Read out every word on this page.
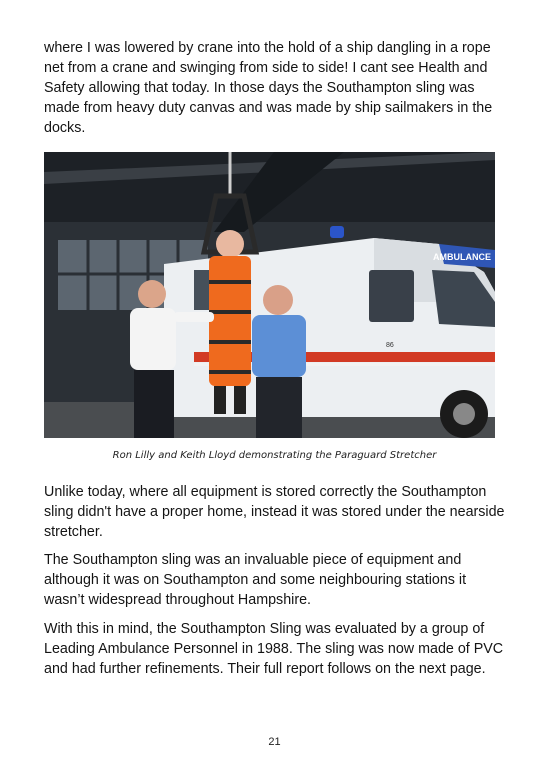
where I was lowered by crane into the hold of a ship dangling in a rope net from a crane and swinging from side to side! I cant see Health and Safety allowing that today. In those days the Southampton sling was made from heavy duty canvas and was made by ship sailmakers in the docks.

AMBULANCE
86

Ron Lilly and Keith Lloyd demonstrating the Paraguard Stretcher

Unlike today, where all equipment is stored correctly the Southampton sling didn't have a proper home, instead it was stored under the nearside stretcher.

The Southampton sling was an invaluable piece of equipment and although it was on Southampton and some neighbouring stations it wasn’t widespread throughout Hampshire.

With this in mind, the Southampton Sling was evaluated by a group of Leading Ambulance Personnel in 1988. The sling was now made of PVC and had further refinements. Their full report follows on the next page.

21
